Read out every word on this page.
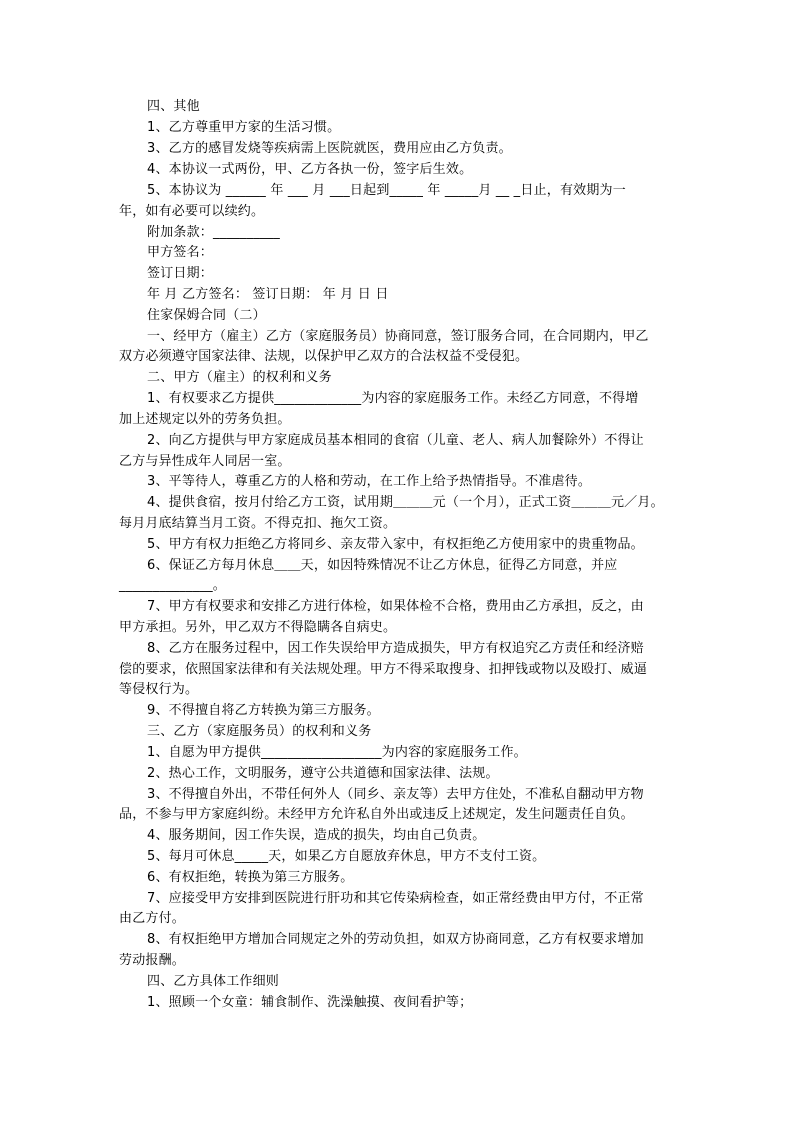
四、其他
1、乙方尊重甲方家的生活习惯。
3、乙方的感冒发烧等疾病需上医院就医，费用应由乙方负责。
4、本协议一式两份，甲、乙方各执一份，签字后生效。
5、本协议为 ______ 年 ___ 月 ___日起到_____ 年 _____月 __ _日止，有效期为一
年，如有必要可以续约。
附加条款：__________
甲方签名：
签订日期：
年 月 乙方签名： 签订日期： 年 月 日 日
住家保姆合同（二）
一、经甲方（雇主）乙方（家庭服务员）协商同意，签订服务合同，在合同期内，甲乙
双方必须遵守国家法律、法规，以保护甲乙双方的合法权益不受侵犯。
二、甲方（雇主）的权利和义务
1、有权要求乙方提供_____________为内容的家庭服务工作。未经乙方同意，不得增
加上述规定以外的劳务负担。
2、向乙方提供与甲方家庭成员基本相同的食宿（儿童、老人、病人加餐除外）不得让
乙方与异性成年人同居一室。
3、平等待人，尊重乙方的人格和劳动，在工作上给予热情指导。不准虐待。
4、提供食宿，按月付给乙方工资，试用期＿＿＿元（一个月），正式工资＿＿＿元／月。
每月月底结算当月工资。不得克扣、拖欠工资。
5、甲方有权力拒绝乙方将同乡、亲友带入家中，有权拒绝乙方使用家中的贵重物品。
6、保证乙方每月休息＿＿天，如因特殊情况不让乙方休息，征得乙方同意，并应
______________。
7、甲方有权要求和安排乙方进行体检，如果体检不合格，费用由乙方承担，反之，由
甲方承担。另外，甲乙双方不得隐瞒各自病史。
8、乙方在服务过程中，因工作失误给甲方造成损失，甲方有权追究乙方责任和经济赔
偿的要求，依照国家法律和有关法规处理。甲方不得采取搜身、扣押钱或物以及殴打、威逼
等侵权行为。
9、不得擅自将乙方转换为第三方服务。
三、乙方（家庭服务员）的权利和义务
1、自愿为甲方提供__________________为内容的家庭服务工作。
2、热心工作，文明服务，遵守公共道德和国家法律、法规。
3、不得擅自外出，不带任何外人（同乡、亲友等）去甲方住处，不准私自翻动甲方物
品，不参与甲方家庭纠纷。未经甲方允许私自外出或违反上述规定，发生问题责任自负。
4、服务期间，因工作失误，造成的损失，均由自己负责。
5、每月可休息_____天，如果乙方自愿放弃休息，甲方不支付工资。
6、有权拒绝，转换为第三方服务。
7、应接受甲方安排到医院进行肝功和其它传染病检查，如正常经费由甲方付，不正常
由乙方付。
8、有权拒绝甲方增加合同规定之外的劳动负担，如双方协商同意，乙方有权要求增加
劳动报酬。
四、乙方具体工作细则
1、照顾一个女童：辅食制作、洗澡触摸、夜间看护等；
